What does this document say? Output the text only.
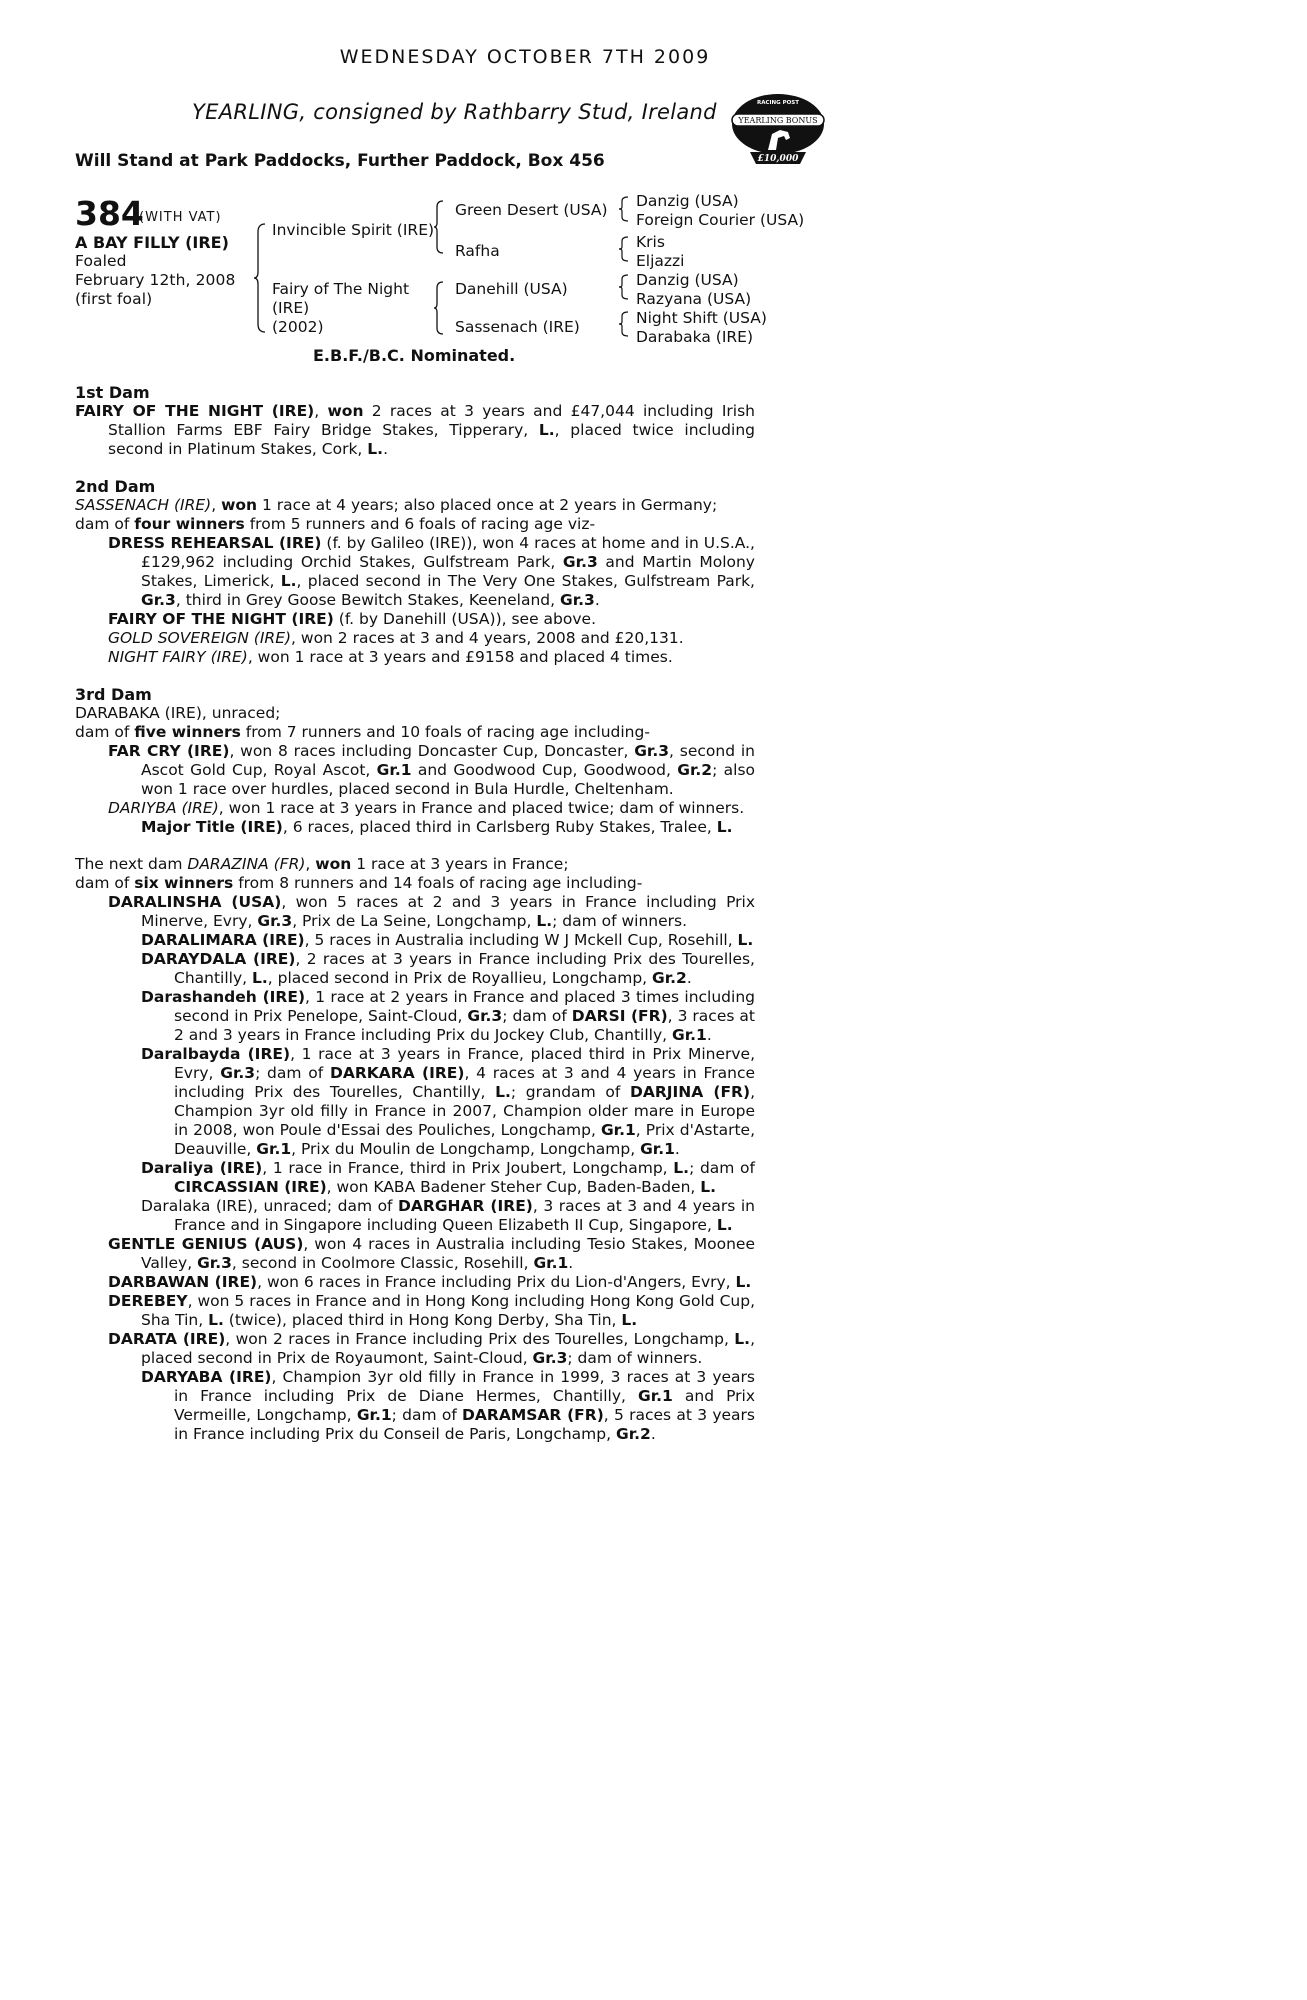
WEDNESDAY OCTOBER 7TH 2009
YEARLING, consigned by Rathbarry Stud, Ireland
Will Stand at Park Paddocks, Further Paddock, Box 456
YEARLING BONUS
RACING POST
£10,000
384
(WITH VAT)
A BAY FILLY (IRE)
Foaled
February 12th, 2008
(first foal)
Invincible Spirit (IRE)
Fairy of The Night
(IRE)
(2002)
Green Desert (USA)
Rafha
Danehill (USA)
Sassenach (IRE)
Danzig (USA)
Foreign Courier (USA)
Kris
Eljazzi
Danzig (USA)
Razyana (USA)
Night Shift (USA)
Darabaka (IRE)
E.B.F./B.C. Nominated.
1st Dam

FAIRY OF THE NIGHT (IRE), won 2 races at 3 years and £47,044 including Irish Stallion Farms EBF Fairy Bridge Stakes, Tipperary, L., placed twice including second in Platinum Stakes, Cork, L..

2nd Dam

SASSENACH (IRE), won 1 race at 4 years; also placed once at 2 years in Germany;
dam of four winners from 5 runners and 6 foals of racing age viz-

DRESS REHEARSAL (IRE) (f. by Galileo (IRE)), won 4 races at home and in U.S.A., £129,962 including Orchid Stakes, Gulfstream Park, Gr.3 and Martin Molony Stakes, Limerick, L., placed second in The Very One Stakes, Gulfstream Park, Gr.3, third in Grey Goose Bewitch Stakes, Keeneland, Gr.3.

FAIRY OF THE NIGHT (IRE) (f. by Danehill (USA)), see above.

GOLD SOVEREIGN (IRE), won 2 races at 3 and 4 years, 2008 and £20,131.

NIGHT FAIRY (IRE), won 1 race at 3 years and £9158 and placed 4 times.

3rd Dam

DARABAKA (IRE), unraced;
dam of five winners from 7 runners and 10 foals of racing age including-

FAR CRY (IRE), won 8 races including Doncaster Cup, Doncaster, Gr.3, second in Ascot Gold Cup, Royal Ascot, Gr.1 and Goodwood Cup, Goodwood, Gr.2; also won 1 race over hurdles, placed second in Bula Hurdle, Cheltenham.

DARIYBA (IRE), won 1 race at 3 years in France and placed twice; dam of winners.

Major Title (IRE), 6 races, placed third in Carlsberg Ruby Stakes, Tralee, L.

The next dam DARAZINA (FR), won 1 race at 3 years in France;
dam of six winners from 8 runners and 14 foals of racing age including-

DARALINSHA (USA), won 5 races at 2 and 3 years in France including Prix Minerve, Evry, Gr.3, Prix de La Seine, Longchamp, L.; dam of winners.

DARALIMARA (IRE), 5 races in Australia including W J Mckell Cup, Rosehill, L.

DARAYDALA (IRE), 2 races at 3 years in France including Prix des Tourelles, Chantilly, L., placed second in Prix de Royallieu, Longchamp, Gr.2.

Darashandeh (IRE), 1 race at 2 years in France and placed 3 times including second in Prix Penelope, Saint-Cloud, Gr.3; dam of DARSI (FR), 3 races at 2 and 3 years in France including Prix du Jockey Club, Chantilly, Gr.1.

Daralbayda (IRE), 1 race at 3 years in France, placed third in Prix Minerve, Evry, Gr.3; dam of DARKARA (IRE), 4 races at 3 and 4 years in France including Prix des Tourelles, Chantilly, L.; grandam of DARJINA (FR), Champion 3yr old filly in France in 2007, Champion older mare in Europe in 2008, won Poule d'Essai des Pouliches, Longchamp, Gr.1, Prix d'Astarte, Deauville, Gr.1, Prix du Moulin de Longchamp, Longchamp, Gr.1.

Daraliya (IRE), 1 race in France, third in Prix Joubert, Longchamp, L.; dam of CIRCASSIAN (IRE), won KABA Badener Steher Cup, Baden-Baden, L.

Daralaka (IRE), unraced; dam of DARGHAR (IRE), 3 races at 3 and 4 years in France and in Singapore including Queen Elizabeth II Cup, Singapore, L.

GENTLE GENIUS (AUS), won 4 races in Australia including Tesio Stakes, Moonee Valley, Gr.3, second in Coolmore Classic, Rosehill, Gr.1.

DARBAWAN (IRE), won 6 races in France including Prix du Lion-d'Angers, Evry, L.

DEREBEY, won 5 races in France and in Hong Kong including Hong Kong Gold Cup, Sha Tin, L. (twice), placed third in Hong Kong Derby, Sha Tin, L.

DARATA (IRE), won 2 races in France including Prix des Tourelles, Longchamp, L., placed second in Prix de Royaumont, Saint-Cloud, Gr.3; dam of winners.

DARYABA (IRE), Champion 3yr old filly in France in 1999, 3 races at 3 years in France including Prix de Diane Hermes, Chantilly, Gr.1 and Prix Vermeille, Longchamp, Gr.1; dam of DARAMSAR (FR), 5 races at 3 years in France including Prix du Conseil de Paris, Longchamp, Gr.2.
